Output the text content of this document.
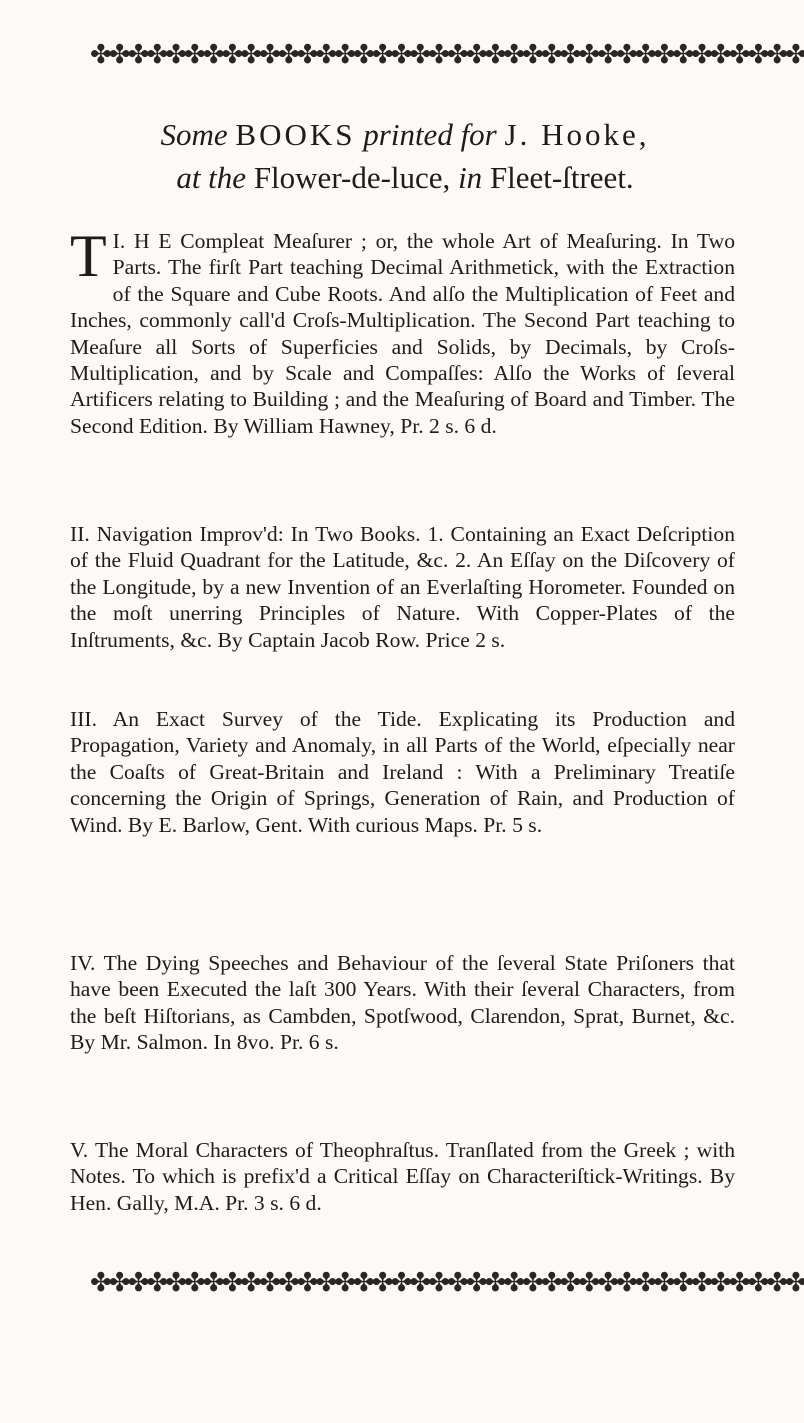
✤✤✤✤✤✤✤✤✤✤✤✤✤✤✤✤✤✤✤✤✤✤✤✤✤✤✤✤✤✤✤✤✤✤✤✤✤✤
Some BOOKS printed for J. Hooke,
at the Flower-de-luce, in Fleet-ſtreet.
I.
T H E Compleat Meaſurer ; or, the whole Art of Meaſuring. In Two Parts. The firſt Part teaching Decimal Arithmetick, with the Extraction of the Square and Cube Roots. And alſo the Multiplication of Feet and Inches, commonly call'd Croſs-Multiplication. The Second Part teaching to Meaſure all Sorts of Superficies and Solids, by Decimals, by Croſs-Multiplication, and by Scale and Compaſſes: Alſo the Works of ſeveral Artificers relating to Building ; and the Meaſuring of Board and Timber. The Second Edition. By William Hawney, Pr. 2 s. 6 d.
II. Navigation Improv'd: In Two Books. 1. Containing an Exact Deſcription of the Fluid Quadrant for the Latitude, &c. 2. An Eſſay on the Diſcovery of the Longitude, by a new Invention of an Everlaſting Horometer. Founded on the moſt unerring Principles of Nature. With Copper-Plates of the Inſtruments, &c. By Captain Jacob Row. Price 2 s.
III. An Exact Survey of the Tide. Explicating its Production and Propagation, Variety and Anomaly, in all Parts of the World, eſpecially near the Coaſts of Great-Britain and Ireland : With a Preliminary Treatiſe concerning the Origin of Springs, Generation of Rain, and Production of Wind. By E. Barlow, Gent. With curious Maps. Pr. 5 s.
IV. The Dying Speeches and Behaviour of the ſeveral State Priſoners that have been Executed the laſt 300 Years. With their ſeveral Characters, from the beſt Hiſtorians, as Cambden, Spotſwood, Clarendon, Sprat, Burnet, &c. By Mr. Salmon. In 8vo. Pr. 6 s.
V. The Moral Characters of Theophraſtus. Tranſlated from the Greek ; with Notes. To which is prefix'd a Critical Eſſay on Characteriſtick-Writings. By Hen. Gally, M.A. Pr. 3 s. 6 d.
✤✤✤✤✤✤✤✤✤✤✤✤✤✤✤✤✤✤✤✤✤✤✤✤✤✤✤✤✤✤✤✤✤✤✤✤✤✤
